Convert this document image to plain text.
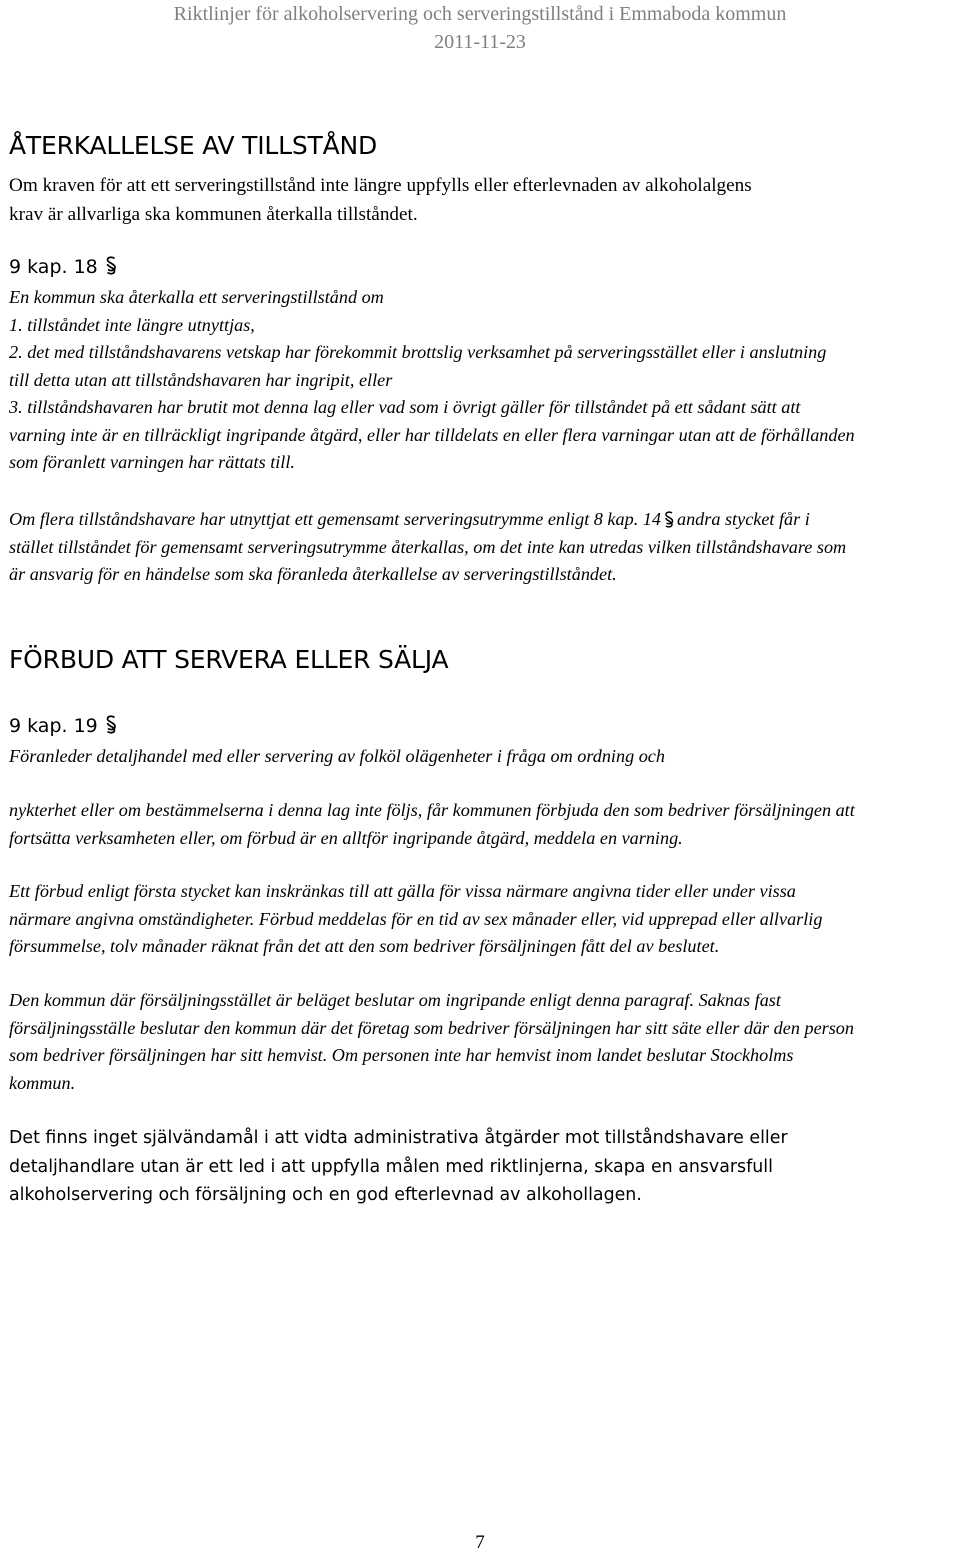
Riktlinjer för alkoholservering och serveringstillstånd i Emmaboda kommun
2011-11-23
ÅTERKALLELSE AV TILLSTÅND
Om kraven för att ett serveringstillstånd inte längre uppfylls eller efterlevnaden av alkoholalgens
krav är allvarliga ska kommunen återkalla tillståndet.
9 kap. 18
En kommun ska återkalla ett serveringstillstånd om
1. tillståndet inte längre utnyttjas,
2. det med tillståndshavarens vetskap har förekommit brottslig verksamhet på serveringsstället eller i anslutning
till detta utan att tillståndshavaren har ingripit, eller
3. tillståndshavaren har brutit mot denna lag eller vad som i övrigt gäller för tillståndet på ett sådant sätt att
varning inte är en tillräckligt ingripande åtgärd, eller har tilldelats en eller flera varningar utan att de förhållanden
som föranlett varningen har rättats till.
Om flera tillståndshavare har utnyttjat ett gemensamt serveringsutrymme enligt 8 kap. 14 andra stycket får i
stället tillståndet för gemensamt serveringsutrymme återkallas, om det inte kan utredas vilken tillståndshavare som
är ansvarig för en händelse som ska föranleda återkallelse av serveringstillståndet.
FÖRBUD ATT SERVERA ELLER SÄLJA
9 kap. 19
Föranleder detaljhandel med eller servering av folköl olägenheter i fråga om ordning och
nykterhet eller om bestämmelserna i denna lag inte följs, får kommunen förbjuda den som bedriver försäljningen att
fortsätta verksamheten eller, om förbud är en alltför ingripande åtgärd, meddela en varning.
Ett förbud enligt första stycket kan inskränkas till att gälla för vissa närmare angivna tider eller under vissa
närmare angivna omständigheter. Förbud meddelas för en tid av sex månader eller, vid upprepad eller allvarlig
försummelse, tolv månader räknat från det att den som bedriver försäljningen fått del av beslutet.
Den kommun där försäljningsstället är beläget beslutar om ingripande enligt denna paragraf. Saknas fast
försäljningsställe beslutar den kommun där det företag som bedriver försäljningen har sitt säte eller där den person
som bedriver försäljningen har sitt hemvist. Om personen inte har hemvist inom landet beslutar Stockholms
kommun.
Det finns inget självändamål i att vidta administrativa åtgärder mot tillståndshavare eller
detaljhandlare utan är ett led i att uppfylla målen med riktlinjerna, skapa en ansvarsfull
alkoholservering och försäljning och en god efterlevnad av alkohollagen.
7
